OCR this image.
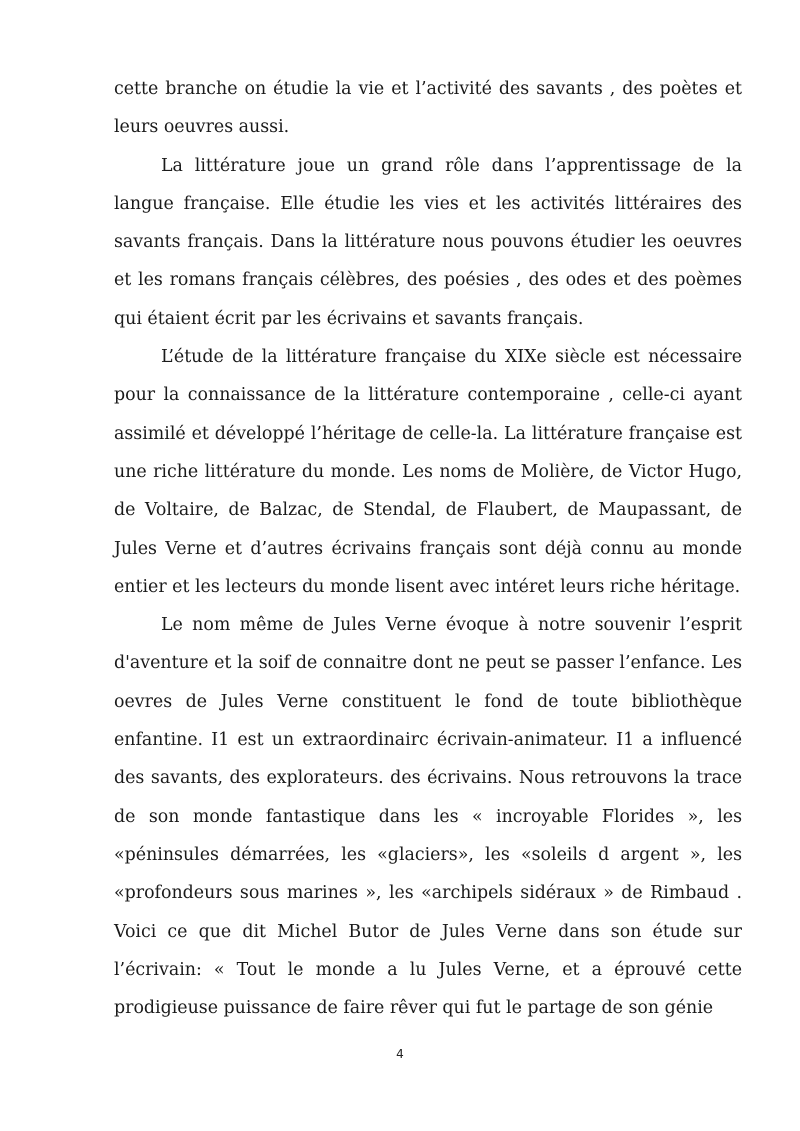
cette branche on étudie la vie et l’activité des savants , des poètes et leurs oeuvres aussi.

La littérature joue un grand rôle dans l’apprentissage de la langue française. Elle étudie les vies et les activités littéraires des savants français. Dans la littérature nous pouvons étudier les oeuvres et les romans français célèbres, des poésies , des odes et des poèmes qui étaient écrit par les écrivains et savants français.

L’étude de la littérature française du XIXe siècle est nécessaire pour la connaissance de la littérature contemporaine , celle-ci ayant assimilé et développé l’héritage de celle-la. La littérature française est une riche littérature du monde. Les noms de Molière, de Victor Hugo, de Voltaire, de Balzac, de Stendal, de Flaubert, de Maupassant, de Jules Verne et d’autres écrivains français sont déjà connu au monde entier et les lecteurs du monde lisent avec intéret leurs riche héritage.

Le nom même de Jules Verne évoque à notre souvenir l’esprit d'aventure et la soif de connaitre dont ne peut se passer l’enfance. Les oevres de Jules Verne constituent le fond de toute bibliothèque enfantine. I1 est un extraordinairc écrivain-animateur. I1 a influencé des savants, des explorateurs. des écrivains. Nous retrouvons la trace de son monde fantastique dans les « incroyable Florides », les «péninsules démarrées, les «glaciers», les «soleils d argent », les «profondeurs sous marines », les «archipels sidéraux » de Rimbaud . Voici ce que dit Michel Butor de Jules Verne dans son étude sur l’écrivain: « Tout le monde a lu Jules Verne, et a éprouvé cette prodigieuse puissance de faire rêver qui fut le partage de son génie

4
